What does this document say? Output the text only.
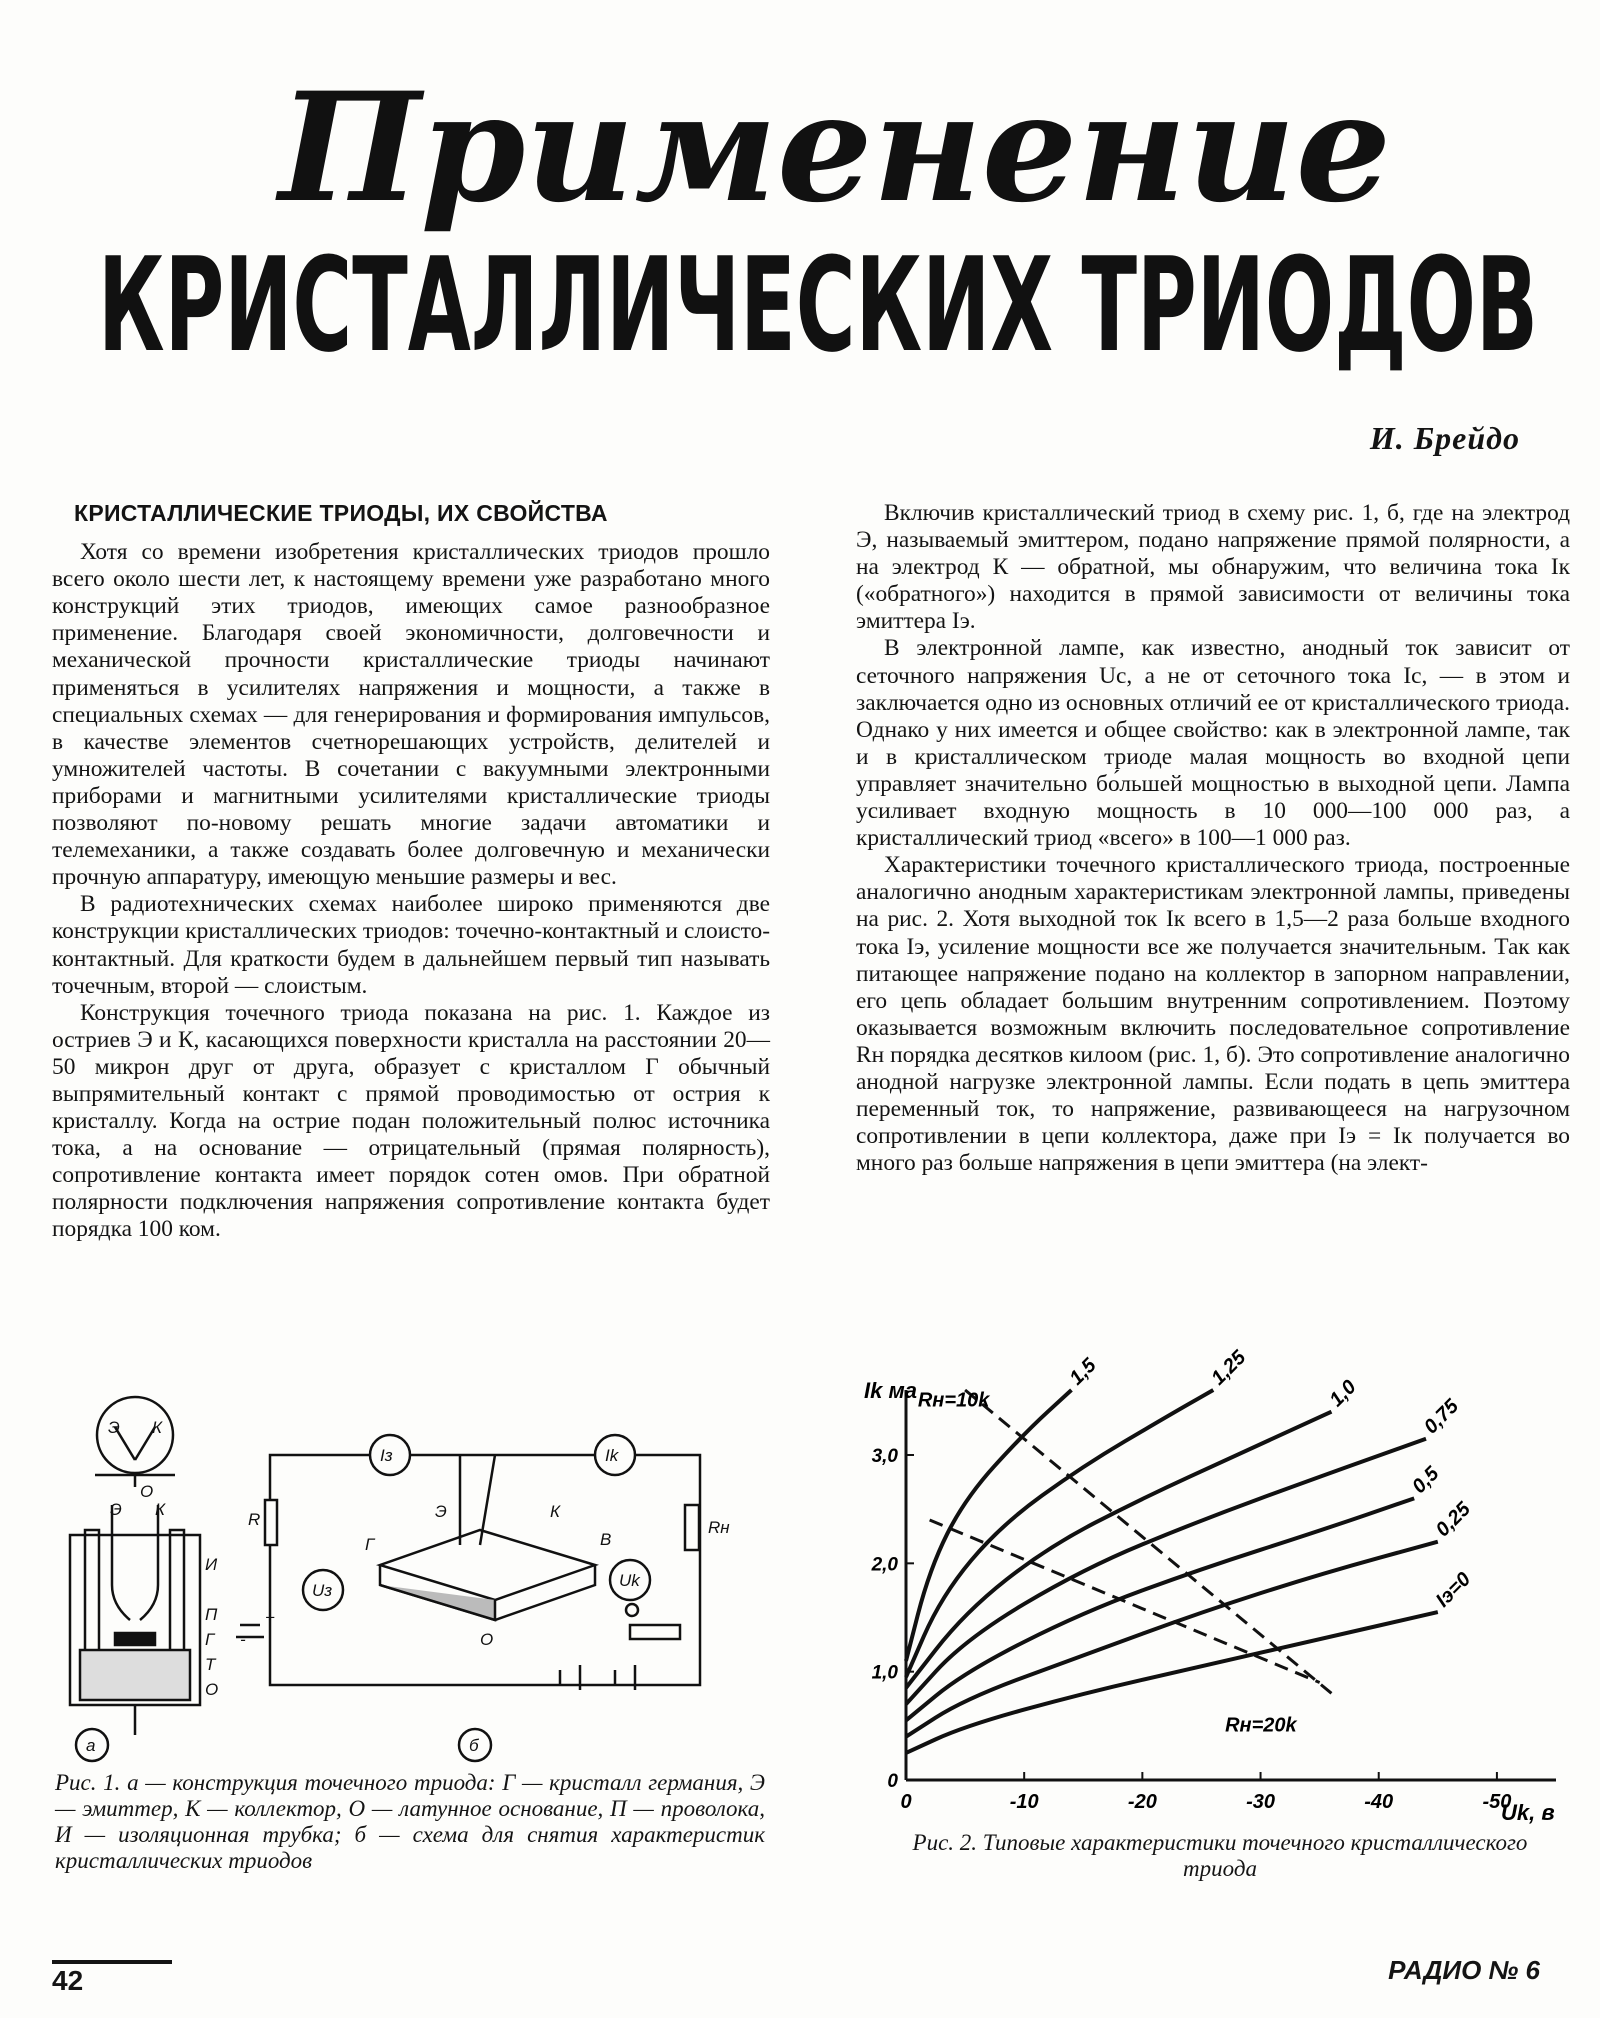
Применение
КРИСТАЛЛИЧЕСКИХ ТРИОДОВ
И. Брейдо
КРИСТАЛЛИЧЕСКИЕ ТРИОДЫ, ИХ СВОЙСТВА

Хотя со времени изобретения кристаллических триодов прошло всего около шести лет, к настоящему времени уже разработано много конструкций этих триодов, имеющих самое разнообразное применение. Благодаря своей экономичности, долговечности и механической прочности кристаллические триоды начинают применяться в усилителях напряжения и мощности, а также в специальных схемах — для генерирования и формирования импульсов, в качестве элементов счетнорешающих устройств, делителей и умножителей частоты. В сочетании с вакуумными электронными приборами и магнитными усилителями кристаллические триоды позволяют по-новому решать многие задачи автоматики и телемеханики, а также создавать более долговечную и механически прочную аппаратуру, имеющую меньшие размеры и вес.

В радиотехнических схемах наиболее широко применяются две конструкции кристаллических триодов: точечно-контактный и слоисто-контактный. Для краткости будем в дальнейшем первый тип называть точечным, второй — слоистым.

Конструкция точечного триода показана на рис. 1. Каждое из остриев Э и К, касающихся поверхности кристалла на расстоянии 20—50 микрон друг от друга, образует с кристаллом Г обычный выпрямительный контакт с прямой проводимостью от острия к кристаллу. Когда на острие подан положительный полюс источника тока, а на основание — отрицательный (прямая полярность), сопротивление контакта имеет порядок сотен омов. При обратной полярности подключения напряжения сопротивление контакта будет порядка 100 ком.

Включив кристаллический триод в схему рис. 1, б, где на электрод Э, называемый эмиттером, подано напряжение прямой полярности, а на электрод К — обратной, мы обнаружим, что величина тока Iк («обратного») находится в прямой зависимости от величины тока эмиттера Iэ.

В электронной лампе, как известно, анодный ток зависит от сеточного напряжения Uc, а не от сеточного тока Ic, — в этом и заключается одно из основных отличий ее от кристаллического триода. Однако у них имеется и общее свойство: как в электронной лампе, так и в кристаллическом триоде малая мощность во входной цепи управляет значительно бо́льшей мощностью в выходной цепи. Лампа усиливает входную мощность в 10 000—100 000 раз, а кристаллический триод «всего» в 100—1 000 раз.

Характеристики точечного кристаллического триода, построенные аналогично анодным характеристикам электронной лампы, приведены на рис. 2. Хотя выходной ток Iк всего в 1,5—2 раза больше входного тока Iэ, усиление мощности все же получается значительным. Так как питающее напряжение подано на коллектор в запорном направлении, его цепь обладает большим внутренним сопротивлением. Поэтому оказывается возможным включить последовательное сопротивление Rн порядка десятков килоом (рис. 1, б). Это сопротивление аналогично анодной нагрузке электронной лампы. Если подать в цепь эмиттера переменный ток, то напряжение, развивающееся на нагрузочном сопротивлении в цепи коллектора, даже при Iэ = Iк получается во много раз больше напряжения в цепи эмиттера (на элект-

Э К
О
Э К
И
П
Г
Т
О
а
R
Iз	Ik
Uз
Uk
Rн
Э	К
Г	В
О
+
-
б
Рис. 1. а — конструкция точечного триода: Г — кристалл германия, Э — эмиттер, К — коллектор, О — латунное основание, П — проволока, И — изоляционная трубка; б — схема для снятия характеристик кристаллических триодов
0	-10	-20	-30	-40	-50
0
1,0
2,0
3,0
1,5	1,25
1,0
0,75
0,5
0,25
Iэ=0
Rн=10k
Rн=20k
Ik ма
Uk, в
Рис. 2. Типовые характеристики точечного кристаллического триода
42	РАДИО № 6
